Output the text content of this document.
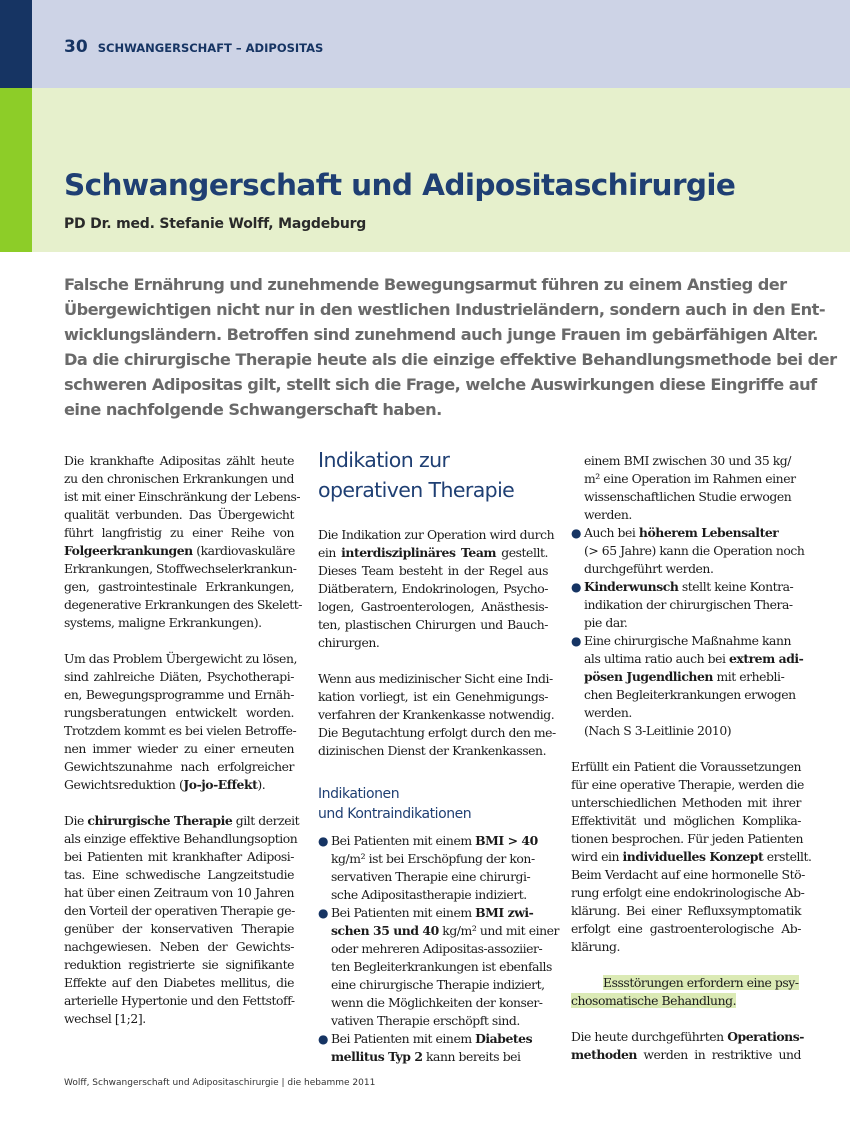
30 SCHWANGERSCHAFT – ADIPOSITAS
Schwangerschaft und Adipositaschirurgie
PD Dr. med. Stefanie Wolff, Magdeburg
Falsche Ernährung und zunehmende Bewegungsarmut führen zu einem Anstieg der
Übergewichtigen nicht nur in den westlichen Industrieländern, sondern auch in den Ent-
wicklungsländern. Betroffen sind zunehmend auch junge Frauen im gebärfähigen Alter.
Da die chirurgische Therapie heute als die einzige effektive Behandlungsmethode bei der
schweren Adipositas gilt, stellt sich die Frage, welche Auswirkungen diese Eingriffe auf
eine nachfolgende Schwangerschaft haben.
Die krankhafte Adipositas zählt heute
zu den chronischen Erkrankungen und
ist mit einer Einschränkung der Lebens-
qualität verbunden. Das Übergewicht
führt langfristig zu einer Reihe von
Folgeerkrankungen (kardiovaskuläre
Erkrankungen, Stoffwechselerkrankun-
gen, gastrointestinale Erkrankungen,
degenerative Erkrankungen des Skelett-
systems, maligne Erkrankungen).
Um das Problem Übergewicht zu lösen,
sind zahlreiche Diäten, Psychotherapi-
en, Bewegungsprogramme und Ernäh-
rungsberatungen entwickelt worden.
Trotzdem kommt es bei vielen Betroffe-
nen immer wieder zu einer erneuten
Gewichtszunahme nach erfolgreicher
Gewichtsreduktion (Jo-jo-Effekt).
Die chirurgische Therapie gilt derzeit
als einzige effektive Behandlungsoption
bei Patienten mit krankhafter Adiposi-
tas. Eine schwedische Langzeitstudie
hat über einen Zeitraum von 10 Jahren
den Vorteil der operativen Therapie ge-
genüber der konservativen Therapie
nachgewiesen. Neben der Gewichts-
reduktion registrierte sie signifikante
Effekte auf den Diabetes mellitus, die
arterielle Hypertonie und den Fettstoff-
wechsel [1;2].
Indikation zur
operativen Therapie
Die Indikation zur Operation wird durch
ein interdisziplinäres Team gestellt.
Dieses Team besteht in der Regel aus
Diätberatern, Endokrinologen, Psycho-
logen, Gastroenterologen, Anästhesis-
ten, plastischen Chirurgen und Bauch-
chirurgen.
Wenn aus medizinischer Sicht eine Indi-
kation vorliegt, ist ein Genehmigungs-
verfahren der Krankenkasse notwendig.
Die Begutachtung erfolgt durch den me-
dizinischen Dienst der Krankenkassen.
Indikationen
und Kontraindikationen
● Bei Patienten mit einem BMI > 40
kg/m² ist bei Erschöpfung der kon-
servativen Therapie eine chirurgi-
sche Adipositastherapie indiziert.
● Bei Patienten mit einem BMI zwi-
schen 35 und 40 kg/m² und mit einer
oder mehreren Adipositas-assoziier-
ten Begleiterkrankungen ist ebenfalls
eine chirurgische Therapie indiziert,
wenn die Möglichkeiten der konser-
vativen Therapie erschöpft sind.
● Bei Patienten mit einem Diabetes
mellitus Typ 2 kann bereits bei
einem BMI zwischen 30 und 35 kg/
m² eine Operation im Rahmen einer
wissenschaftlichen Studie erwogen
werden.
● Auch bei höherem Lebensalter
(> 65 Jahre) kann die Operation noch
durchgeführt werden.
● Kinderwunsch stellt keine Kontra-
indikation der chirurgischen Thera-
pie dar.
● Eine chirurgische Maßnahme kann
als ultima ratio auch bei extrem adi-
pösen Jugendlichen mit erhebli-
chen Begleiterkrankungen erwogen
werden.
(Nach S 3-Leitlinie 2010)
Erfüllt ein Patient die Voraussetzungen
für eine operative Therapie, werden die
unterschiedlichen Methoden mit ihrer
Effektivität und möglichen Komplika-
tionen besprochen. Für jeden Patienten
wird ein individuelles Konzept erstellt.
Beim Verdacht auf eine hormonelle Stö-
rung erfolgt eine endokrinologische Ab-
klärung. Bei einer Refluxsymptomatik
erfolgt eine gastroenterologische Ab-
klärung.
Essstörungen erfordern eine psy-
chosomatische Behandlung.
Die heute durchgeführten Operations-
methoden werden in restriktive und
Wolff, Schwangerschaft und Adipositaschirurgie | die hebamme 2011
